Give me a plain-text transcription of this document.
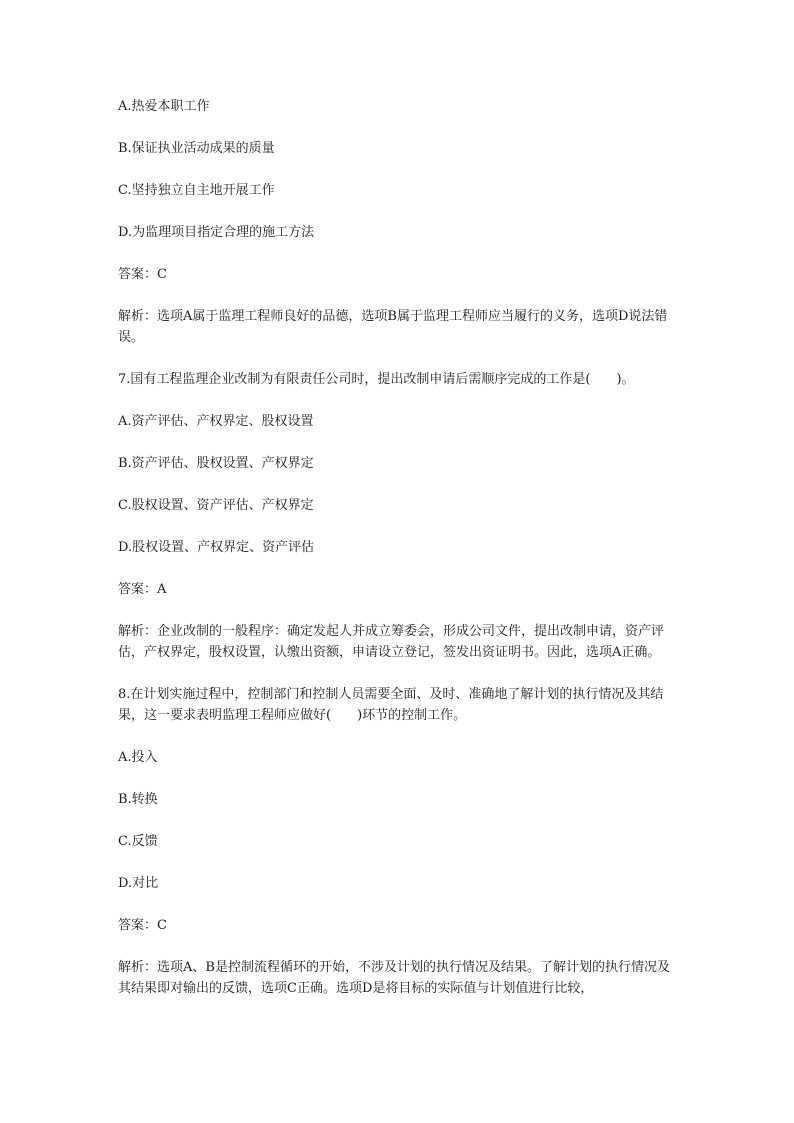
A.热爱本职工作

B.保证执业活动成果的质量

C.坚持独立自主地开展工作

D.为监理项目指定合理的施工方法

答案：C

解析：选项A属于监理工程师良好的品德，选项B属于监理工程师应当履行的义务，选项D说法错误。

7.国有工程监理企业改制为有限责任公司时，提出改制申请后需顺序完成的工作是(　　)。

A.资产评估、产权界定、股权设置

B.资产评估、股权设置、产权界定

C.股权设置、资产评估、产权界定

D.股权设置、产权界定、资产评估

答案：A

解析：企业改制的一般程序：确定发起人并成立筹委会，形成公司文件，提出改制申请，资产评估，产权界定，股权设置，认缴出资额，申请设立登记，签发出资证明书。因此，选项A正确。

8.在计划实施过程中，控制部门和控制人员需要全面、及时、准确地了解计划的执行情况及其结果，这一要求表明监理工程师应做好(　　)环节的控制工作。

A.投入

B.转换

C.反馈

D.对比

答案：C

解析：选项A、B是控制流程循环的开始，不涉及计划的执行情况及结果。了解计划的执行情况及其结果即对输出的反馈，选项C正确。选项D是将目标的实际值与计划值进行比较，
